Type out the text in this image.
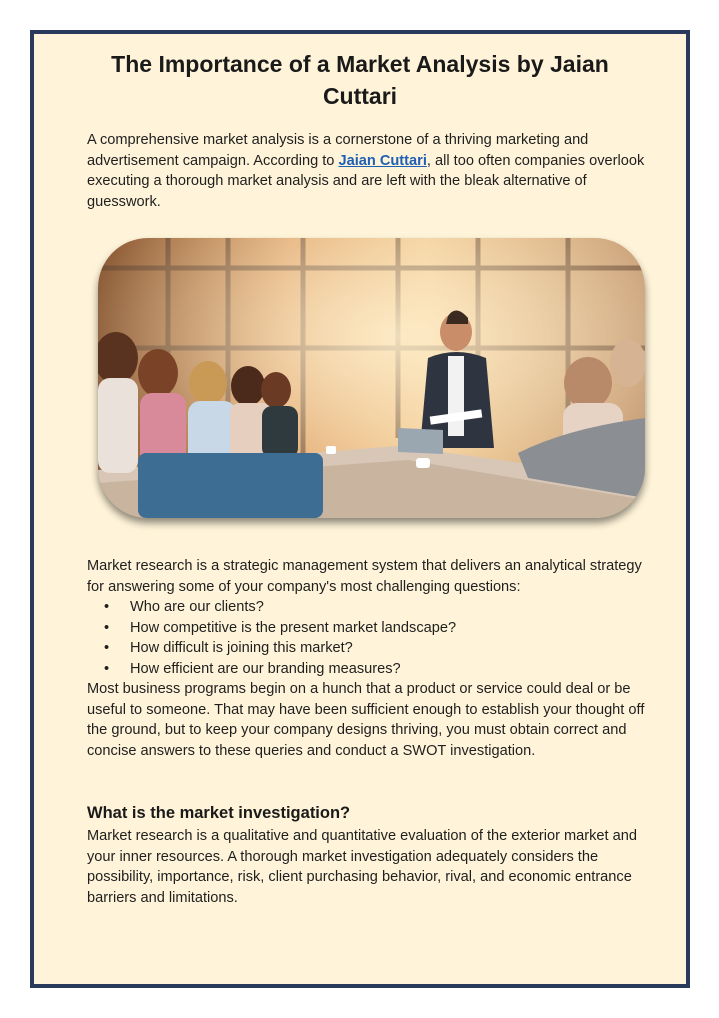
The Importance of a Market Analysis by Jaian Cuttari

A comprehensive market analysis is a cornerstone of a thriving marketing and advertisement campaign. According to Jaian Cuttari, all too often companies overlook executing a thorough market analysis and are left with the bleak alternative of guesswork.

Market research is a strategic management system that delivers an analytical strategy for answering some of your company's most challenging questions:

• Who are our clients?
• How competitive is the present market landscape?
• How difficult is joining this market?
• How efficient are our branding measures?

Most business programs begin on a hunch that a product or service could deal or be useful to someone. That may have been sufficient enough to establish your thought off the ground, but to keep your company designs thriving, you must obtain correct and concise answers to these queries and conduct a SWOT investigation.

What is the market investigation?

Market research is a qualitative and quantitative evaluation of the exterior market and your inner resources. A thorough market investigation adequately considers the possibility, importance, risk, client purchasing behavior, rival, and economic entrance barriers and limitations.
